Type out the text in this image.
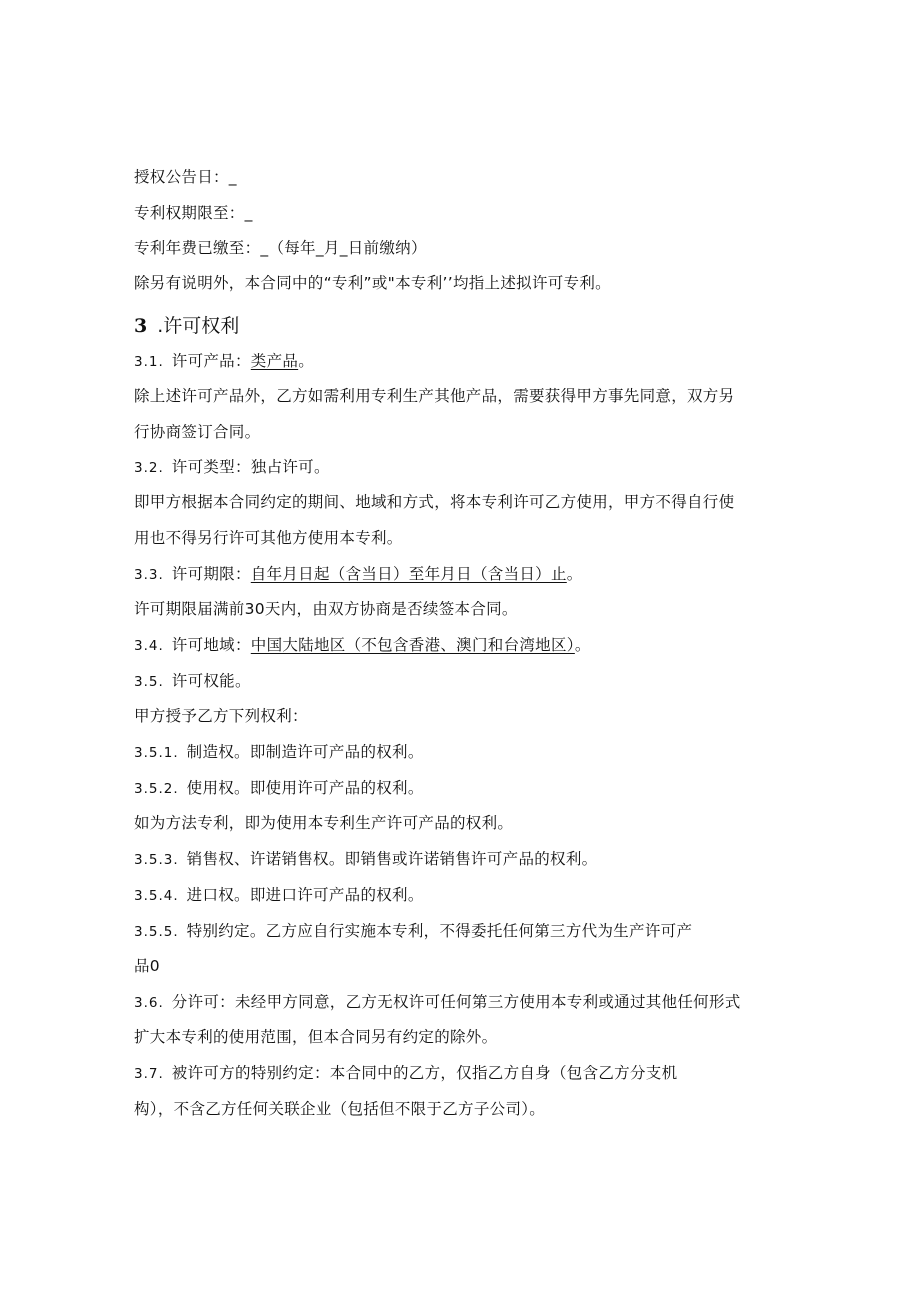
授权公告日：_
专利权期限至：_
专利年费已缴至：_（每年_月_日前缴纳）
除另有说明外，本合同中的“专利”或"本专利’’均指上述拟许可专利。
3 .许可权利
3.1. 许可产品：类产品。
除上述许可产品外，乙方如需利用专利生产其他产品，需要获得甲方事先同意，双方另
行协商签订合同。
3.2. 许可类型：独占许可。
即甲方根据本合同约定的期间、地域和方式，将本专利许可乙方使用，甲方不得自行使
用也不得另行许可其他方使用本专利。
3.3. 许可期限：自年月日起（含当日）至年月日（含当日）止。
许可期限届满前30天内，由双方协商是否续签本合同。
3.4. 许可地域：中国大陆地区（不包含香港、澳门和台湾地区）。
3.5. 许可权能。
甲方授予乙方下列权利：
3.5.1. 制造权。即制造许可产品的权利。
3.5.2. 使用权。即使用许可产品的权利。
如为方法专利，即为使用本专利生产许可产品的权利。
3.5.3. 销售权、许诺销售权。即销售或许诺销售许可产品的权利。
3.5.4. 进口权。即进口许可产品的权利。
3.5.5. 特别约定。乙方应自行实施本专利，不得委托任何第三方代为生产许可产
品0
3.6. 分许可：未经甲方同意，乙方无权许可任何第三方使用本专利或通过其他任何形式
扩大本专利的使用范围，但本合同另有约定的除外。
3.7. 被许可方的特别约定：本合同中的乙方，仅指乙方自身（包含乙方分支机
构），不含乙方任何关联企业（包括但不限于乙方子公司）。
